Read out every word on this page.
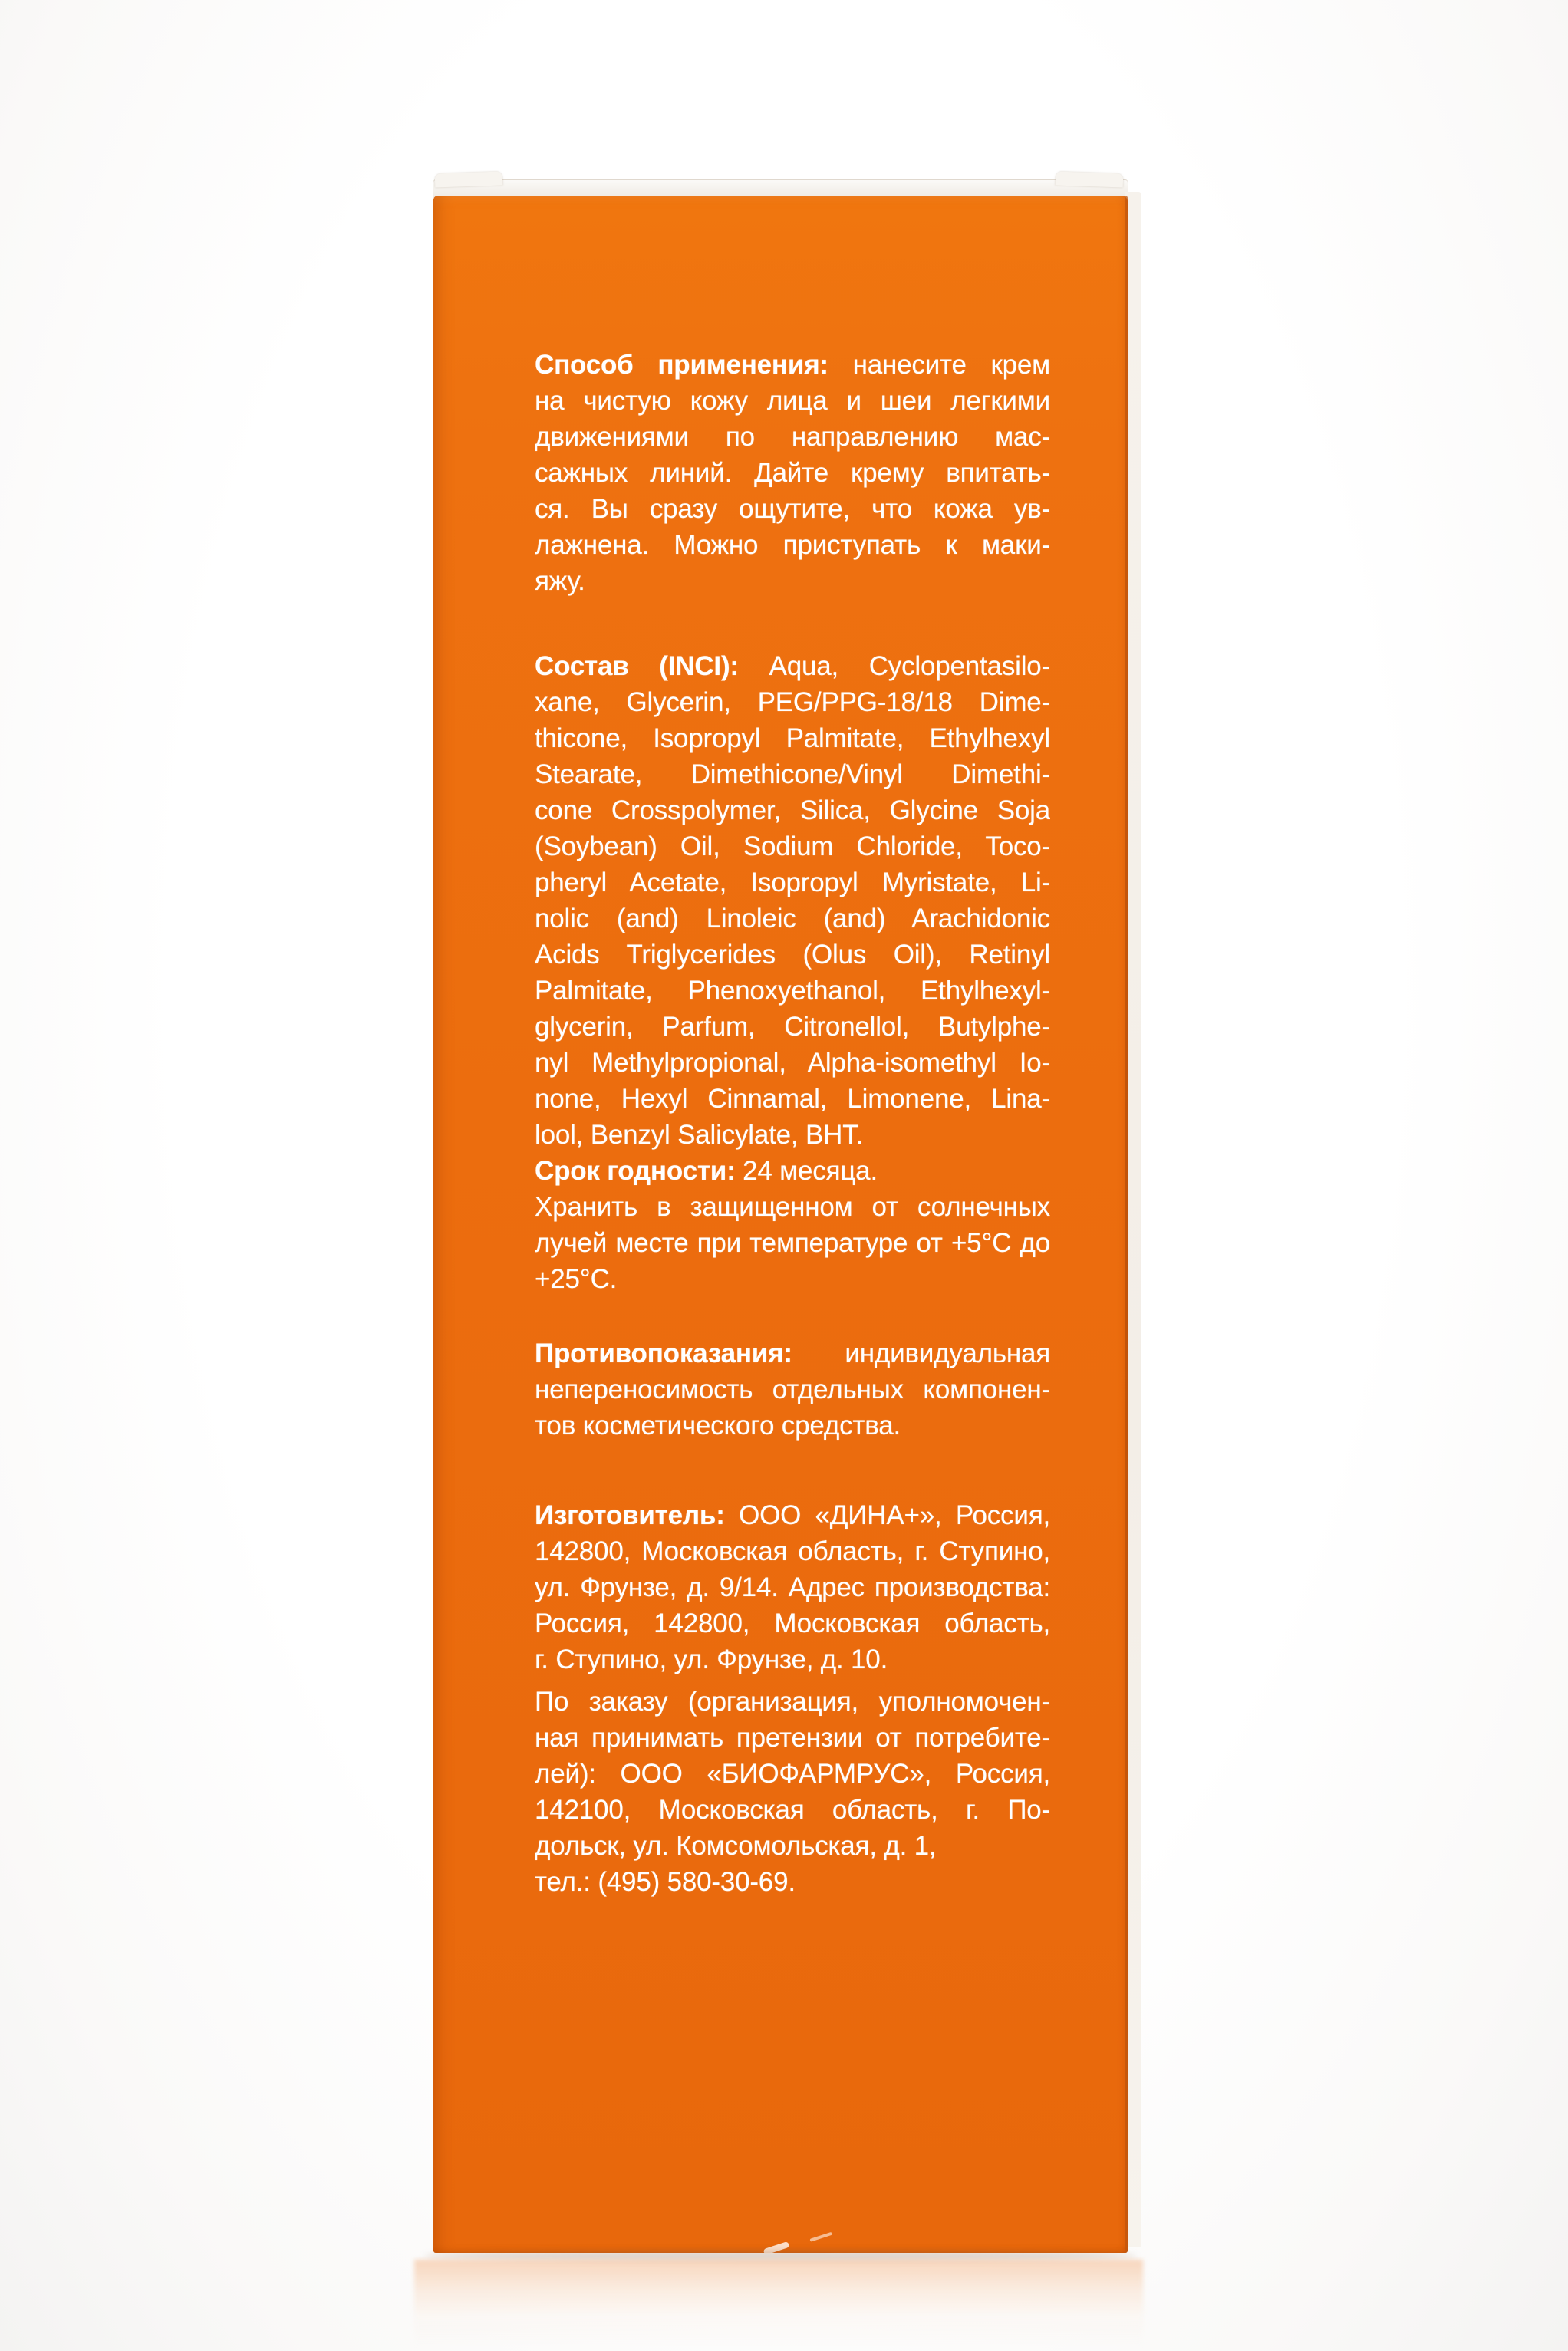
Способ применения: нанесите крем
на чистую кожу лица и шеи легкими
движениями по направлению мас-
сажных линий. Дайте крему впитать-
ся. Вы сразу ощутите, что кожа ув-
лажнена. Можно приступать к маки-
яжу.
Состав (INCI): Aqua, Cyclopentasilo-
xane, Glycerin, PEG/PPG-18/18 Dime-
thicone, Isopropyl Palmitate, Ethylhexyl
Stearate, Dimethicone/Vinyl Dimethi-
cone Crosspolymer, Silica, Glycine Soja
(Soybean) Oil, Sodium Chloride, Toco-
pheryl Acetate, Isopropyl Myristate, Li-
nolic (and) Linoleic (and) Arachidonic
Acids Triglycerides (Olus Oil), Retinyl
Palmitate, Phenoxyethanol, Ethylhexyl-
glycerin, Parfum, Citronellol, Butylphe-
nyl Methylpropional, Alpha-isomethyl Io-
none, Hexyl Cinnamal, Limonene, Lina-
lool, Benzyl Salicylate, BHT.
Срок годности: 24 месяца.
Хранить в защищенном от солнечных
лучей месте при температуре от +5°С до
+25°С.
Противопоказания: индивидуальная
непереносимость отдельных компонен-
тов косметического средства.
Изготовитель: ООО «ДИНА+», Россия,
142800, Московская область, г. Ступино,
ул. Фрунзе, д. 9/14. Адрес производства:
Россия, 142800, Московская область,
г. Ступино, ул. Фрунзе, д. 10.
По заказу (организация, уполномочен-
ная принимать претензии от потребите-
лей): ООО «БИОФАРМРУС», Россия,
142100, Московская область, г. По-
дольск, ул. Комсомольская, д. 1,
тел.: (495) 580-30-69.
